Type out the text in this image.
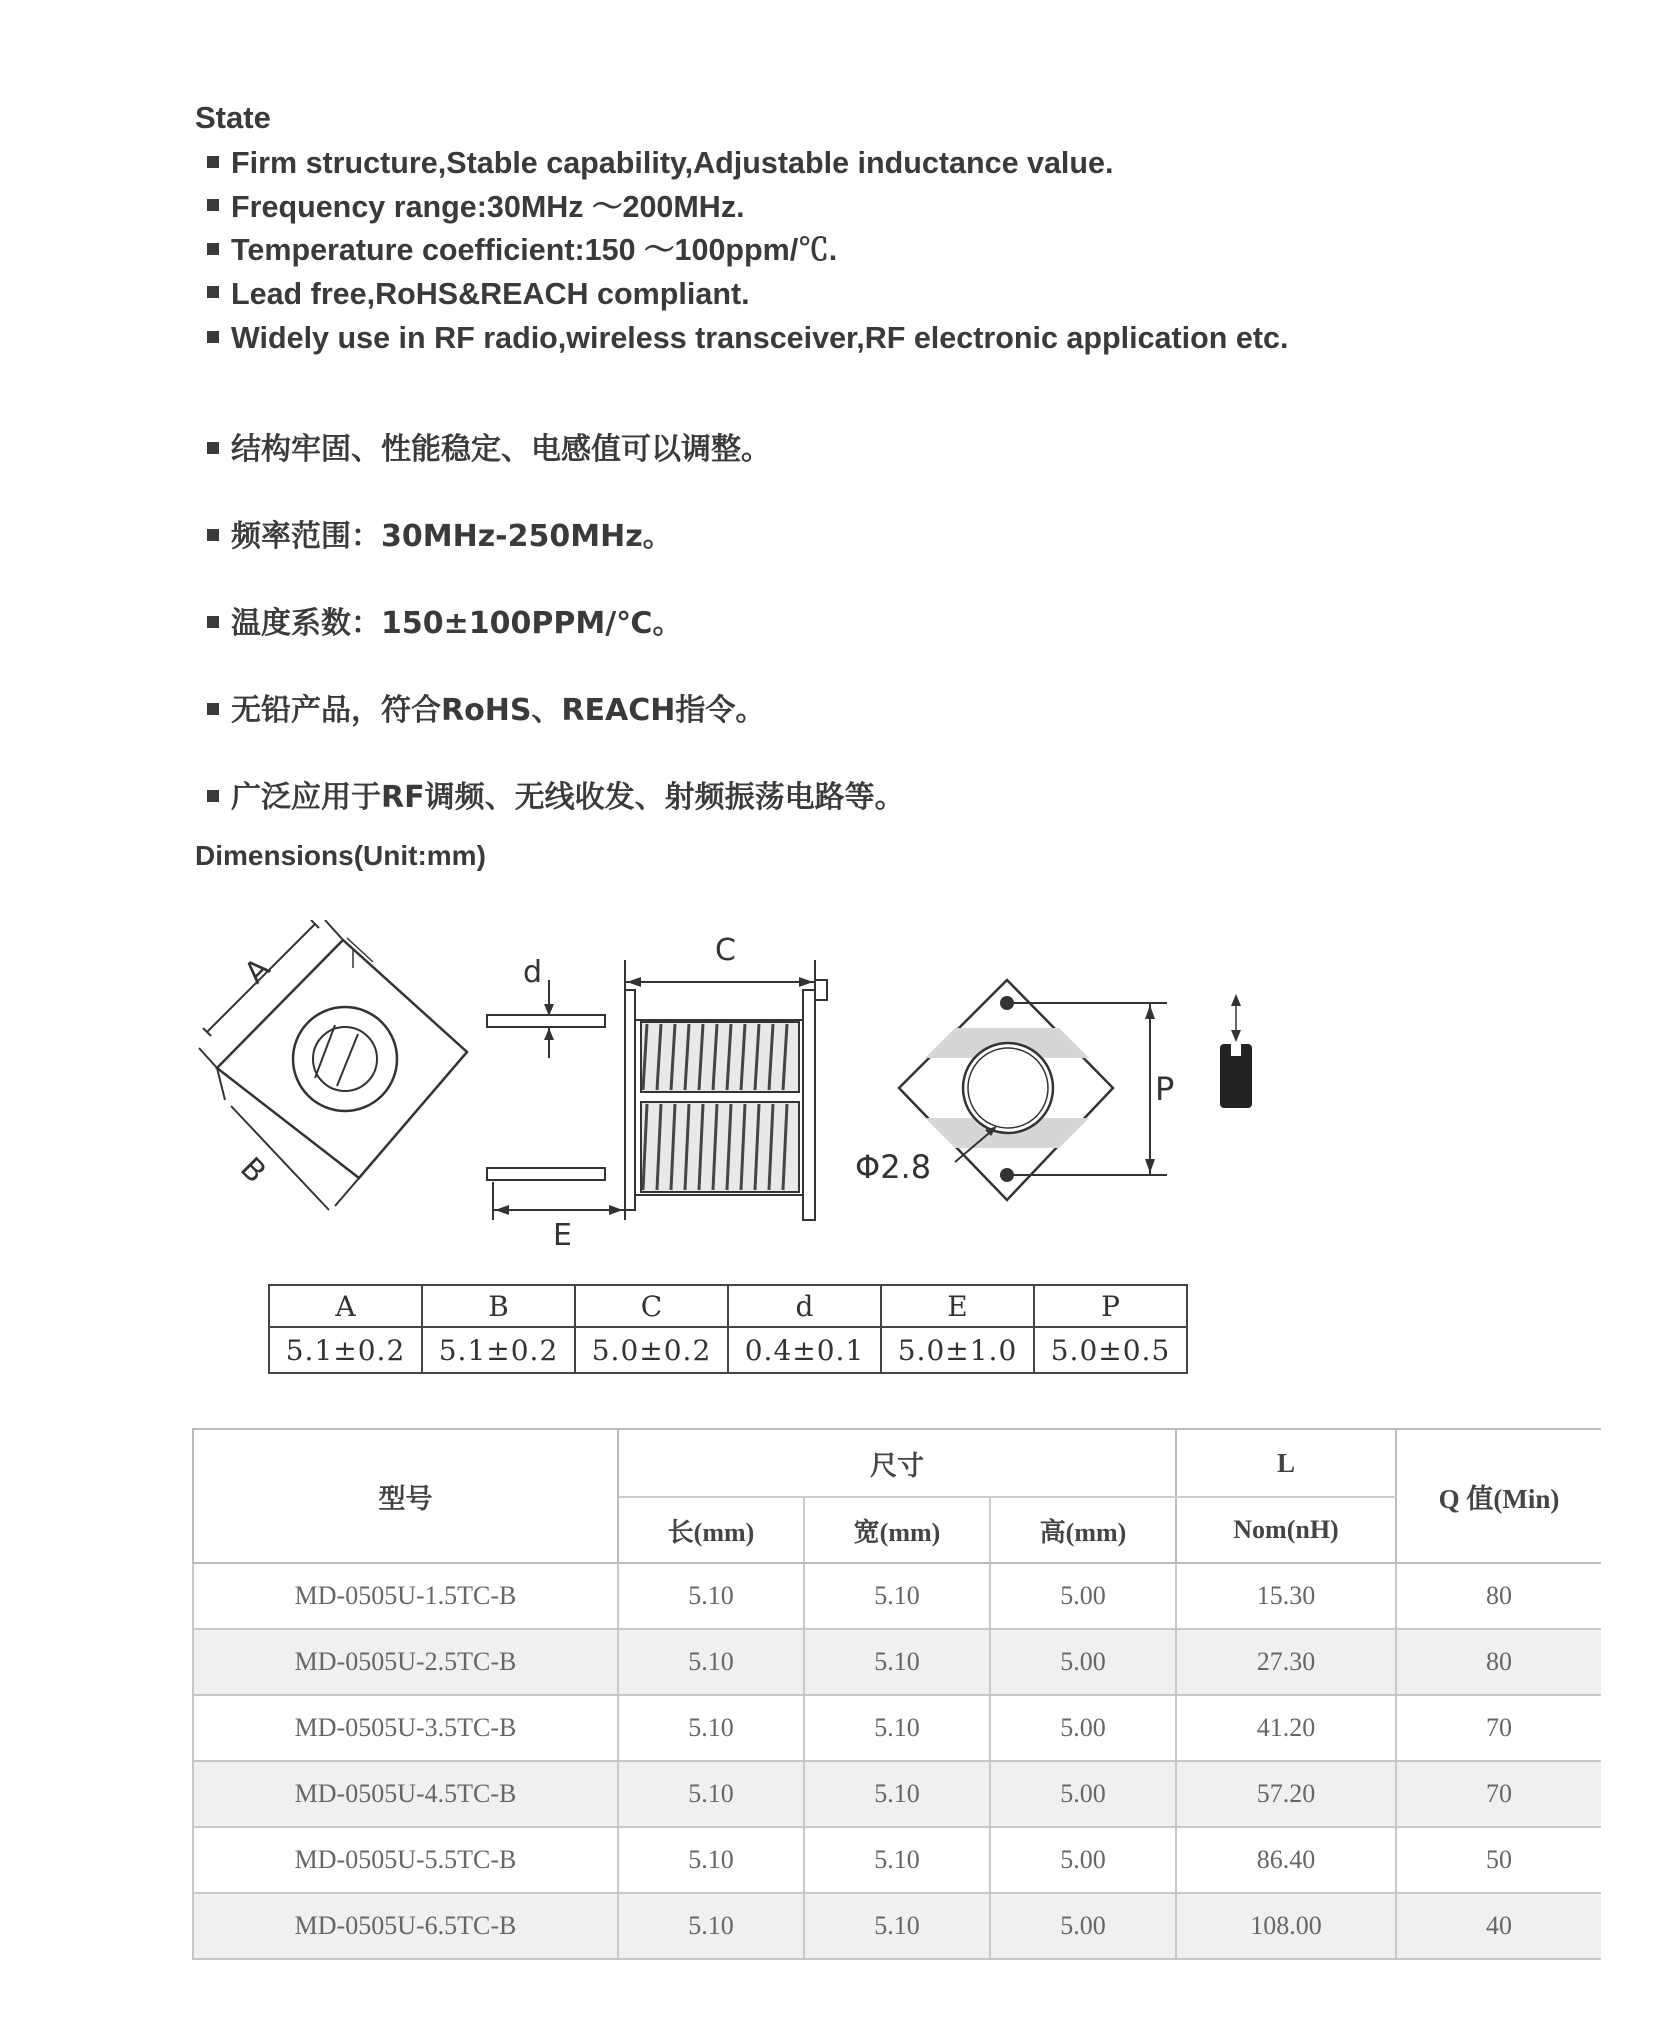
State
Firm structure,Stable capability,Adjustable inductance value.
Frequency range:30MHz ～200MHz.
Temperature coefficient:150 ～100ppm/℃.
Lead free,RoHS&REACH compliant.
Widely use in RF radio,wireless transceiver,RF electronic application etc.
结构牢固、性能稳定、电感值可以调整。
频率范围：30MHz-250MHz。
温度系数：150±100PPM/℃。
无铅产品，符合RoHS、REACH指令。
广泛应用于RF调频、无线收发、射频振荡电路等。
Dimensions(Unit:mm)
A
B
C
d
E
P
Φ2.8
A	B	C	d	E	P
5.1±0.2	5.1±0.2	5.0±0.2	0.4±0.1	5.0±1.0	5.0±0.5
型号	尺寸			L	Q 值(Min)
	长(mm)	宽(mm)	高(mm)	Nom(nH)	
MD-0505U-1.5TC-B	5.10	5.10	5.00	15.30	80
MD-0505U-2.5TC-B	5.10	5.10	5.00	27.30	80
MD-0505U-3.5TC-B	5.10	5.10	5.00	41.20	70
MD-0505U-4.5TC-B	5.10	5.10	5.00	57.20	70
MD-0505U-5.5TC-B	5.10	5.10	5.00	86.40	50
MD-0505U-6.5TC-B	5.10	5.10	5.00	108.00	40
